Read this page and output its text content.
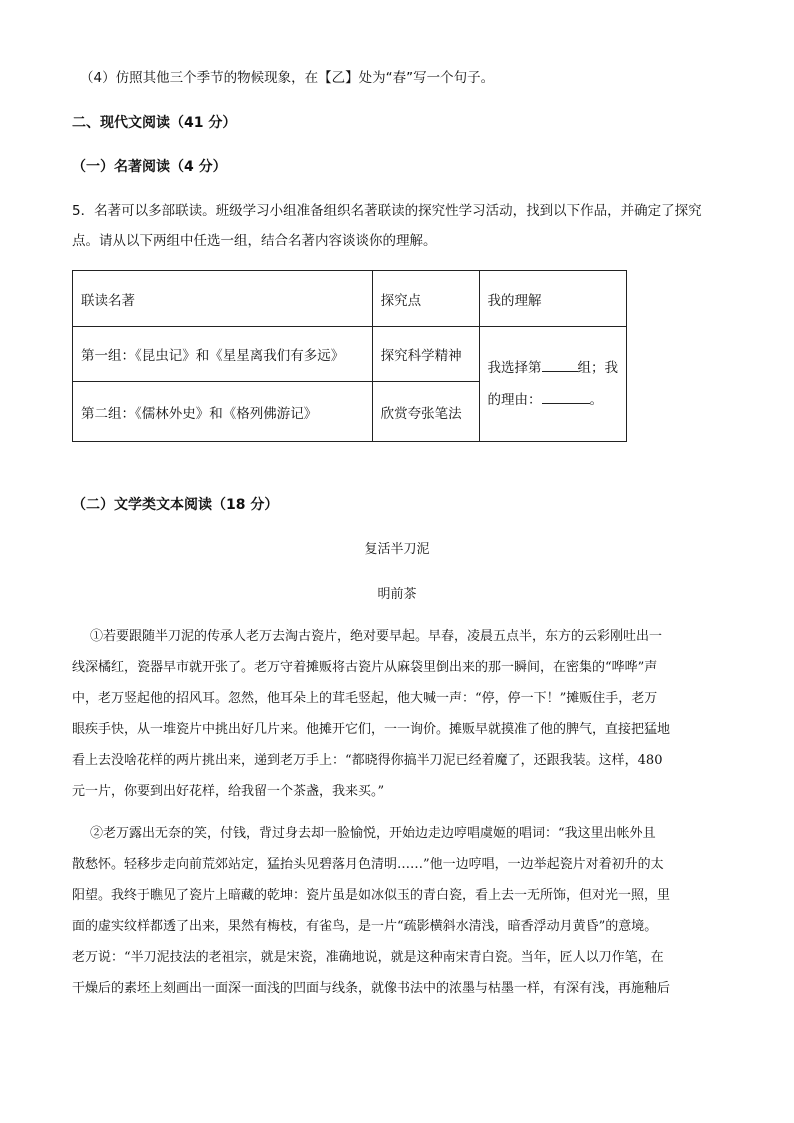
（4）仿照其他三个季节的物候现象，在【乙】处为“春”写一个句子。
二、现代文阅读（41 分）
（一）名著阅读（4 分）
5．名著可以多部联读。班级学习小组准备组织名著联读的探究性学习活动，找到以下作品，并确定了探究
点。请从以下两组中任选一组，结合名著内容谈谈你的理解。
联读名著	探究点	我的理解
第一组：《昆虫记》和《星星离我们有多远》	探究科学精神	我选择第 组；我
的理由： 。
第二组：《儒林外史》和《格列佛游记》	欣赏夸张笔法	
（二）文学类文本阅读（18 分）
复活半刀泥
明前茶
①若要跟随半刀泥的传承人老万去淘古瓷片，绝对要早起。早春，凌晨五点半，东方的云彩刚吐出一
线深橘红，瓷器早市就开张了。老万守着摊贩将古瓷片从麻袋里倒出来的那一瞬间，在密集的“哗哗”声
中，老万竖起他的招风耳。忽然，他耳朵上的茸毛竖起，他大喊一声：“停，停一下！”摊贩住手，老万
眼疾手快，从一堆瓷片中挑出好几片来。他摊开它们，一一询价。摊贩早就摸准了他的脾气，直接把猛地
看上去没啥花样的两片挑出来，递到老万手上：“都晓得你搞半刀泥已经着魔了，还跟我装。这样，480
元一片，你要到出好花样，给我留一个茶盏，我来买。”
②老万露出无奈的笑，付钱，背过身去却一脸愉悦，开始边走边哼唱虞姬的唱词：“我这里出帐外且
散愁怀。轻移步走向前荒郊站定，猛抬头见碧落月色清明……”他一边哼唱，一边举起瓷片对着初升的太
阳望。我终于瞧见了瓷片上暗藏的乾坤：瓷片虽是如冰似玉的青白瓷，看上去一无所饰，但对光一照，里
面的虚实纹样都透了出来，果然有梅枝，有雀鸟，是一片“疏影横斜水清浅，暗香浮动月黄昏”的意境。
老万说：“半刀泥技法的老祖宗，就是宋瓷，准确地说，就是这种南宋青白瓷。当年，匠人以刀作笔，在
干燥后的素坯上刻画出一面深一面浅的凹面与线条，就像书法中的浓墨与枯墨一样，有深有浅，再施釉后
